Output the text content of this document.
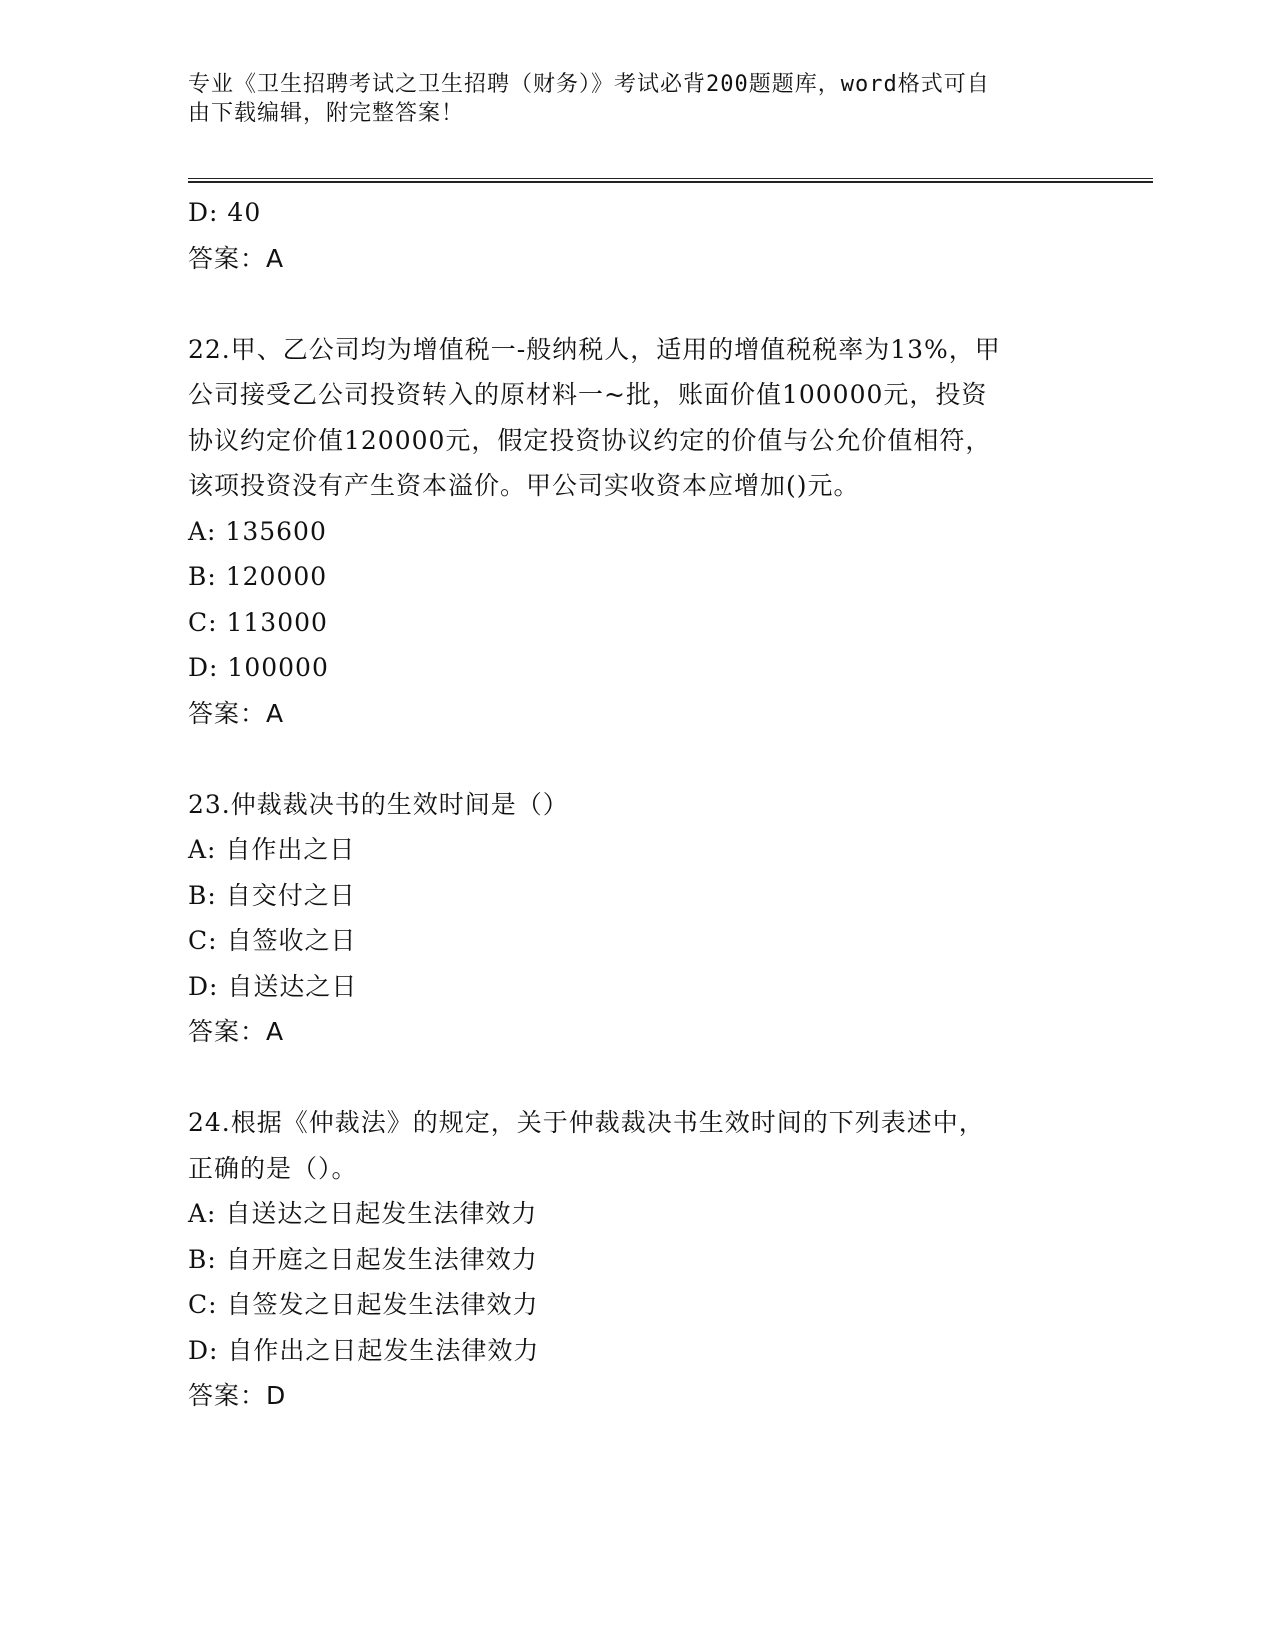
专业《卫生招聘考试之卫生招聘（财务）》考试必背200题题库，word格式可自
由下载编辑，附完整答案！
D: 40
答案：A
22.甲、乙公司均为增值税一-般纳税人，适用的增值税税率为13%，甲
公司接受乙公司投资转入的原材料一~批，账面价值100000元，投资
协议约定价值120000元，假定投资协议约定的价值与公允价值相符，
该项投资没有产生资本溢价。甲公司实收资本应增加()元。
A: 135600
B: 120000
C: 113000
D: 100000
答案：A
23.仲裁裁决书的生效时间是（）
A: 自作出之日
B: 自交付之日
C: 自签收之日
D: 自送达之日
答案：A
24.根据《仲裁法》的规定，关于仲裁裁决书生效时间的下列表述中，
正确的是（）。
A: 自送达之日起发生法律效力
B: 自开庭之日起发生法律效力
C: 自签发之日起发生法律效力
D: 自作出之日起发生法律效力
答案：D
